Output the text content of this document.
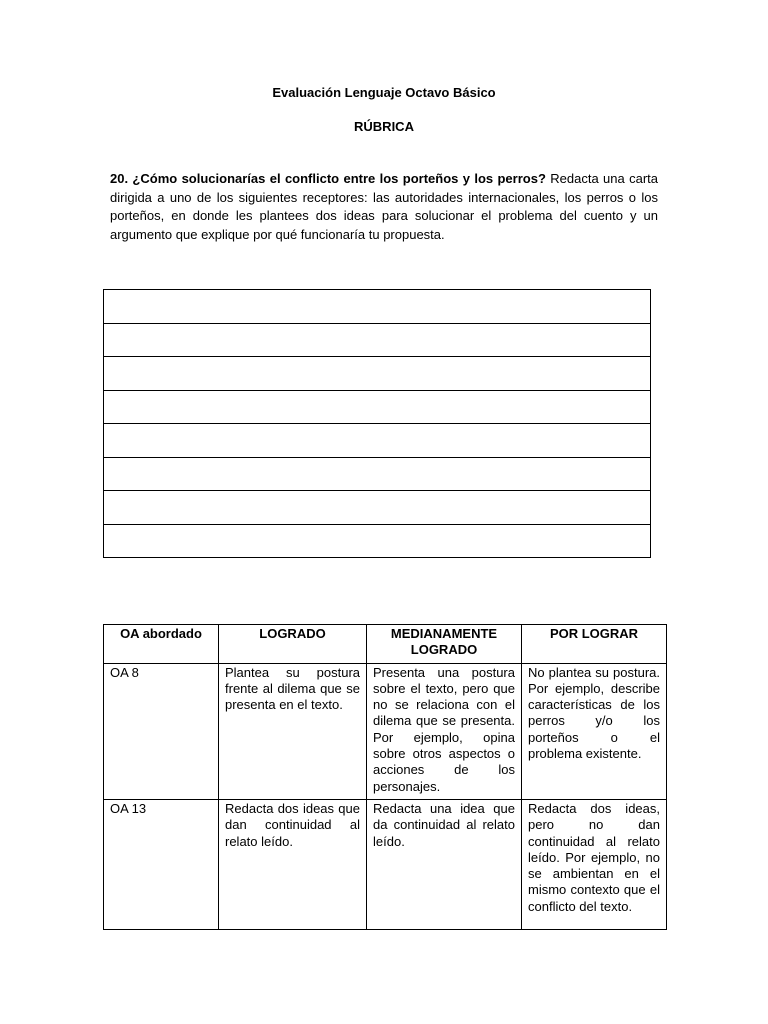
Evaluación Lenguaje Octavo Básico
RÚBRICA
20. ¿Cómo solucionarías el conflicto entre los porteños y los perros? Redacta una carta dirigida a uno de los siguientes receptores: las autoridades internacionales, los perros o los porteños, en donde les plantees dos ideas para solucionar el problema del cuento y un argumento que explique por qué funcionaría tu propuesta.

OA abordado	LOGRADO	MEDIANAMENTE LOGRADO	POR LOGRAR
OA 8	Plantea su postura frente al dilema que se presenta en el texto.	Presenta una postura sobre el texto, pero que no se relaciona con el dilema que se presenta. Por ejemplo, opina sobre otros aspectos o acciones de los personajes.	No plantea su postura. Por ejemplo, describe características de los perros y/o los porteños o el problema existente.
OA 13	Redacta dos ideas que dan continuidad al relato leído.	Redacta una idea que da continuidad al relato leído.	Redacta dos ideas, pero no dan continuidad al relato leído. Por ejemplo, no se ambientan en el mismo contexto que el conflicto del texto.
